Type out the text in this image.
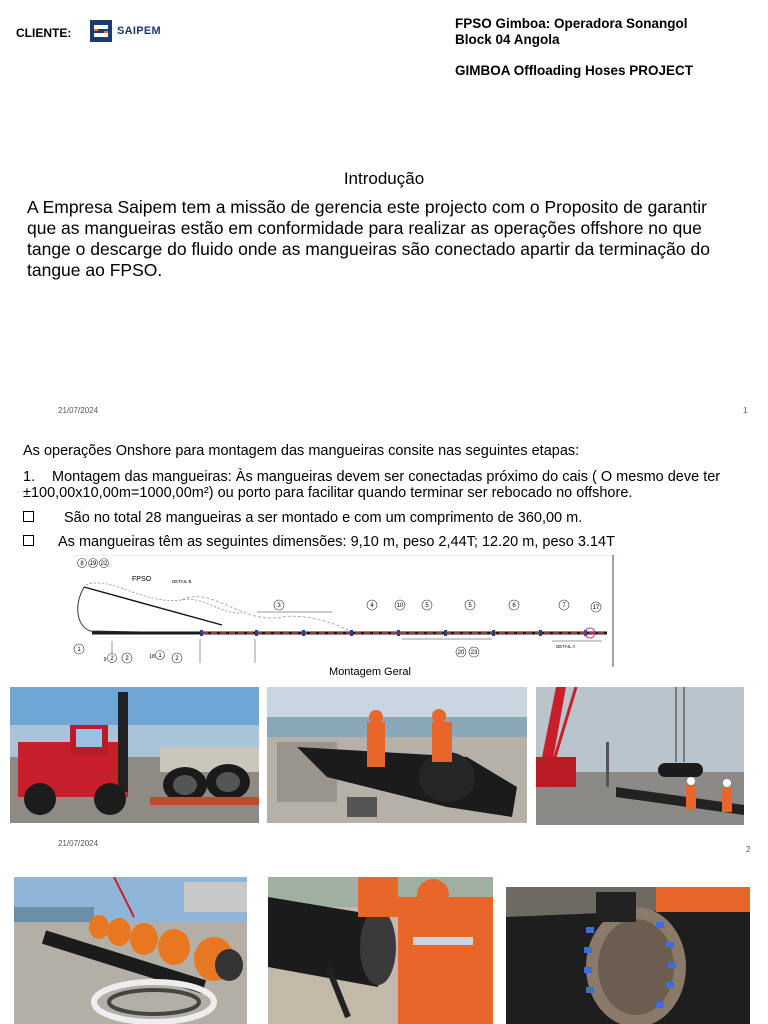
CLIENTE:	SAIPEM	FPSO Gimboa: Operadora Sonangol
Block 04 Angola
GIMBOA Offloading Hoses PROJECT
Introdução
A Empresa Saipem tem a missão de gerencia este projecto com o Proposito de garantir que as mangueiras estão em conformidade para realizar as operações offshore no que tange o descarge do fluido onde as mangueiras são conectado apartir da terminação do tangue ao FPSO.
21/07/2024	1
As operações Onshore para montagem das mangueiras consite nas seguintes etapas:
1. Montagem das mangueiras: Às mangueiras devem ser conectadas próximo do cais ( O mesmo deve ter ±100,00x10,00m=1000,00m²) ou porto para facilitar quando terminar ser rebocado no offshore.
São no total 28 mangueiras a ser montado e com um comprimento de 360,00 m.
As mangueiras têm as seguintes dimensões: 9,10 m, peso 2,44T; 12.20 m, peso 3.14T
FPSO	DETAIL B
DETAIL A
8 19 22
3	4	10	5	5	6	7	17
1
9 2 2	18 1 2
20 23
Montagem Geral
21/07/2024
2
